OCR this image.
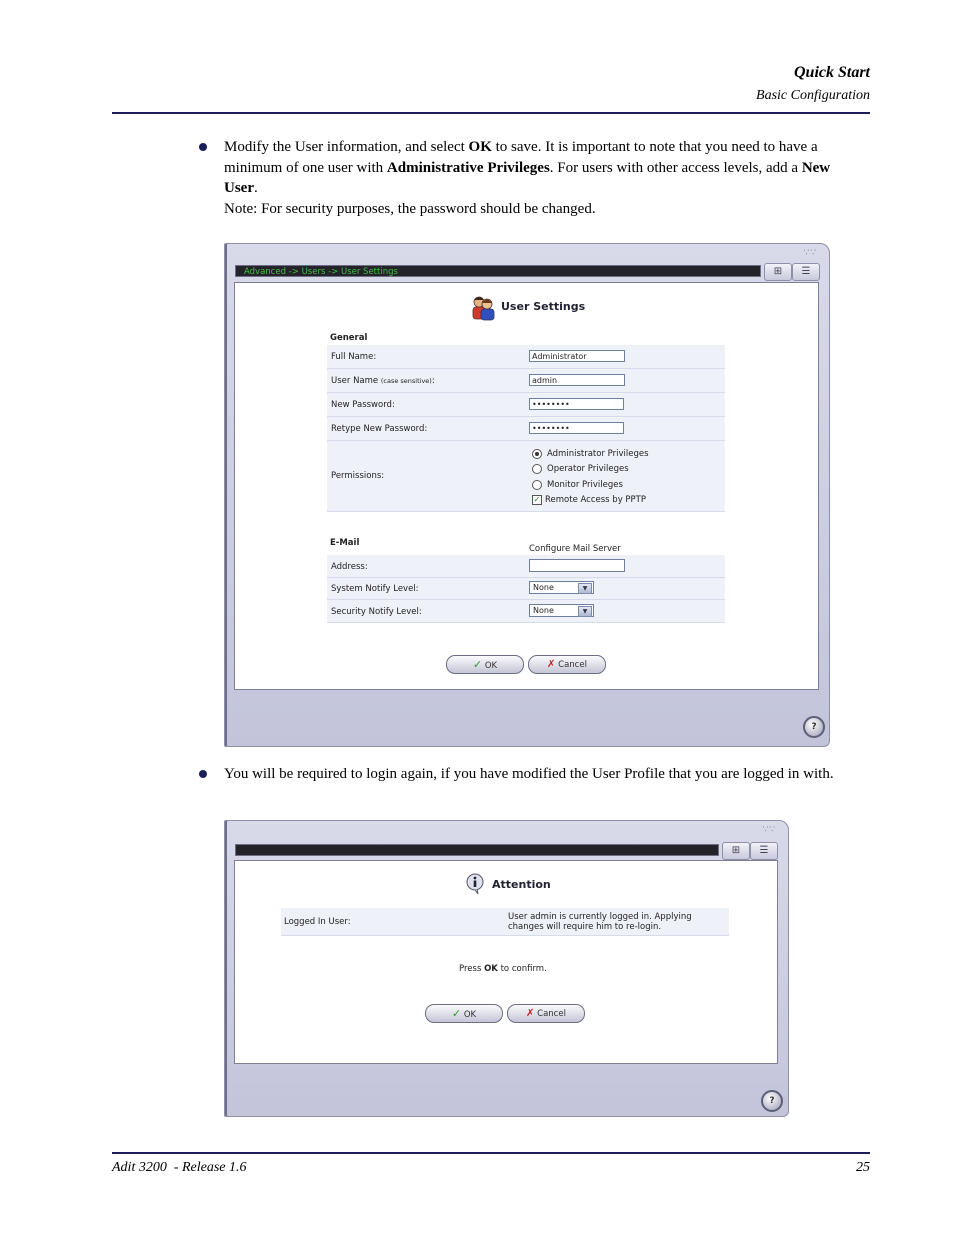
Quick Start
Basic Configuration
Modify the User information, and select OK to save. It is important to note that you need to have a minimum of one user with Administrative Privileges. For users with other access levels, add a New User.
Note: For security purposes, the password should be changed.
∵∵
Advanced -> Users -> User Settings	⊞	☰
User Settings
General
Full Name:	Administrator
User Name (case sensitive):	admin
New Password:	••••••••
Retype New Password:	••••••••
Permissions:
Administrator Privileges
Operator Privileges
Monitor Privileges
✓ Remote Access by PPTP
E-Mail
Configure Mail Server
Address:
System Notify Level:	None	▼
Security Notify Level:	None	▼
✓ OK	✗ Cancel
?
You will be required to login again, if you have modified the User Profile that you are logged in with.
∵∵
⊞	☰
Attention
Logged In User:	User admin is currently logged in. Applying
changes will require him to re-login.
Press OK to confirm.
✓ OK	✗ Cancel
?
Adit 3200  - Release 1.6	25
